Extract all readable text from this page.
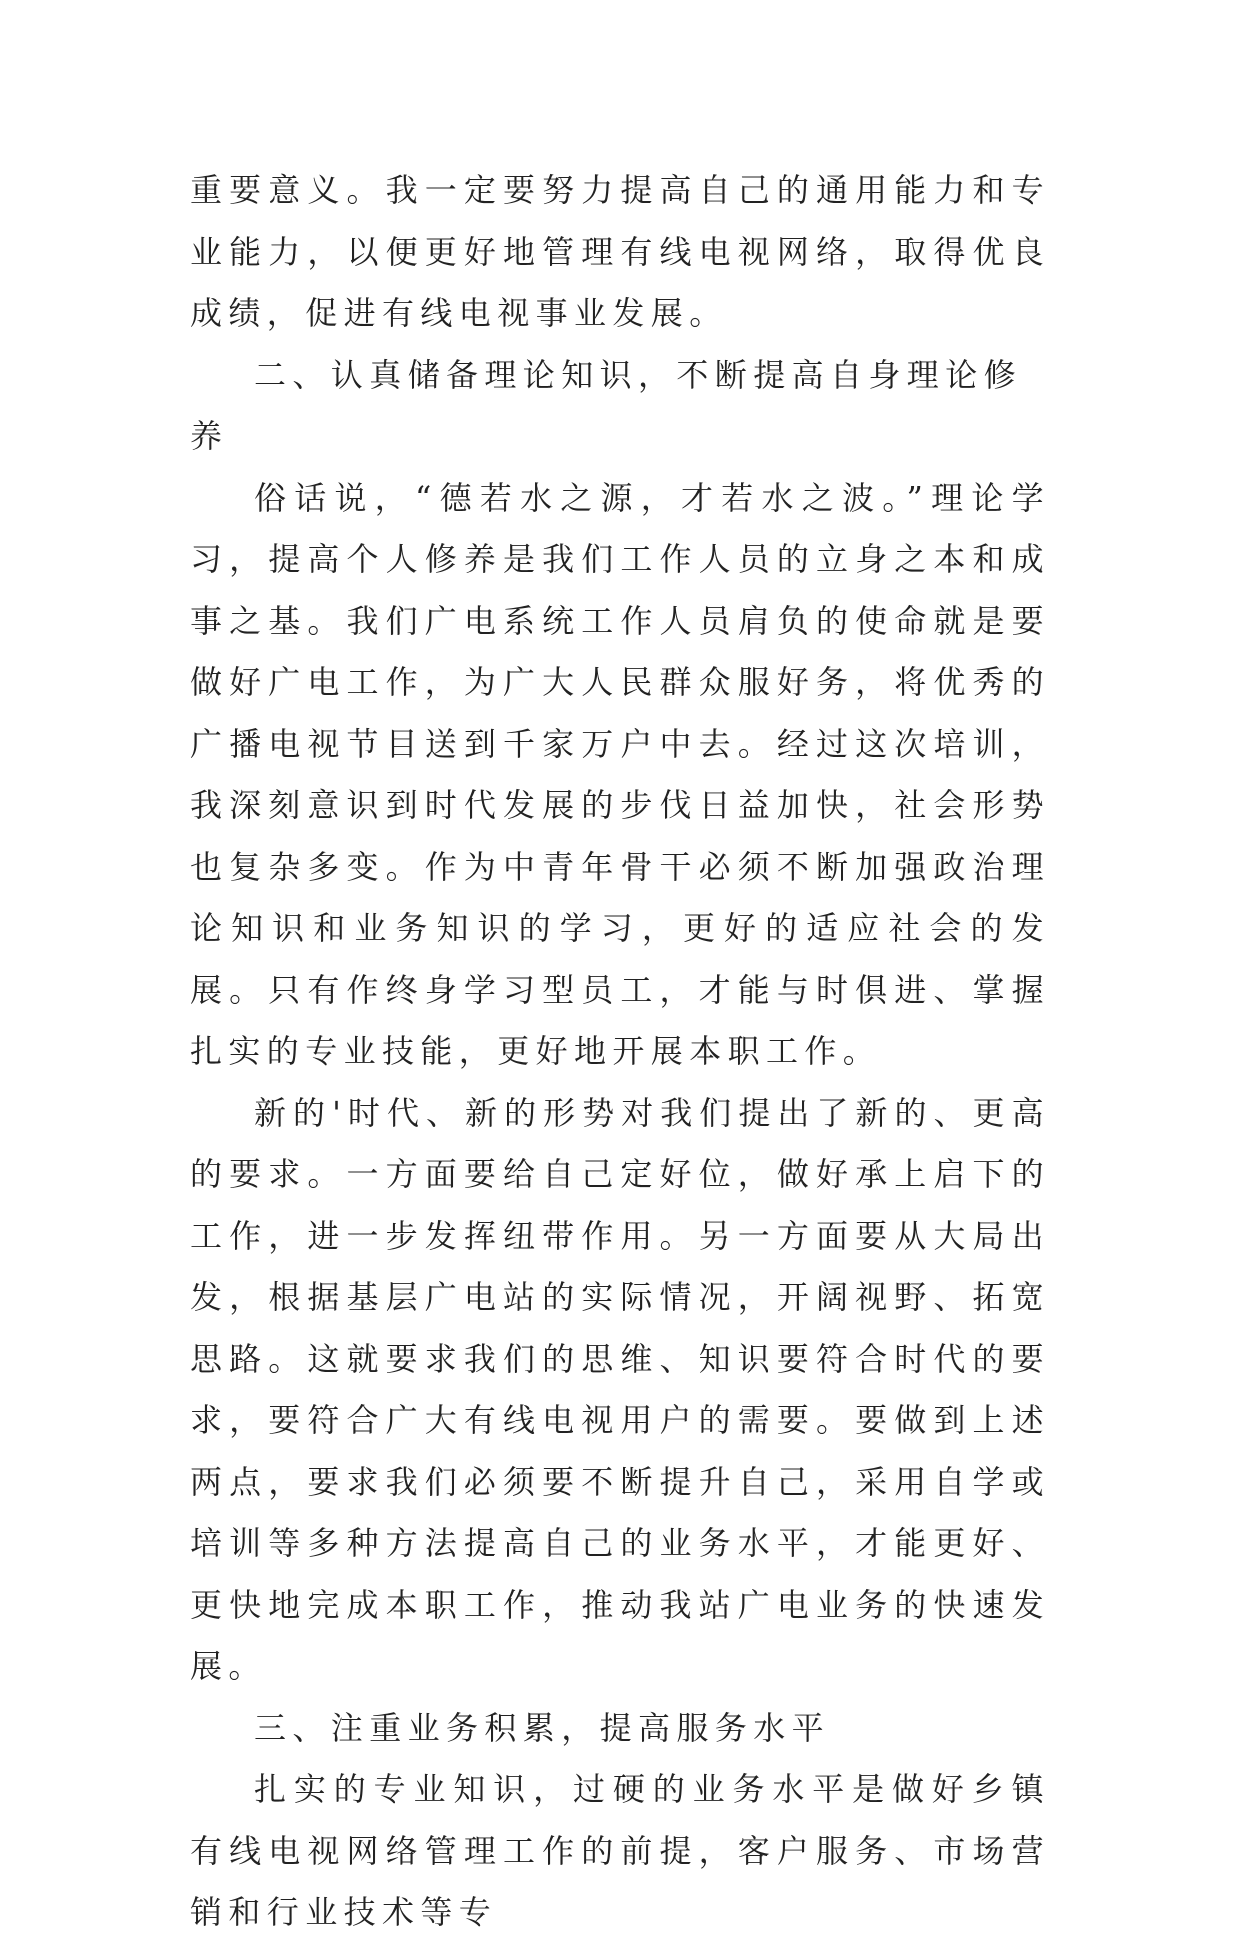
重要意义。我一定要努力提高自己的通用能力和专业能力，以便更好地管理有线电视网络，取得优良成绩，促进有线电视事业发展。

二、认真储备理论知识，不断提高自身理论修养

俗话说，“德若水之源，才若水之波。”理论学习，提高个人修养是我们工作人员的立身之本和成事之基。我们广电系统工作人员肩负的使命就是要做好广电工作，为广大人民群众服好务，将优秀的广播电视节目送到千家万户中去。经过这次培训，我深刻意识到时代发展的步伐日益加快，社会形势也复杂多变。作为中青年骨干必须不断加强政治理论知识和业务知识的学习，更好的适应社会的发展。只有作终身学习型员工，才能与时俱进、掌握扎实的专业技能，更好地开展本职工作。

新的'时代、新的形势对我们提出了新的、更高的要求。一方面要给自己定好位，做好承上启下的工作，进一步发挥纽带作用。另一方面要从大局出发，根据基层广电站的实际情况，开阔视野、拓宽思路。这就要求我们的思维、知识要符合时代的要求，要符合广大有线电视用户的需要。要做到上述两点，要求我们必须要不断提升自己，采用自学或培训等多种方法提高自己的业务水平，才能更好、更快地完成本职工作，推动我站广电业务的快速发展。

三、注重业务积累，提高服务水平

扎实的专业知识，过硬的业务水平是做好乡镇有线电视网络管理工作的前提，客户服务、市场营销和行业技术等专
